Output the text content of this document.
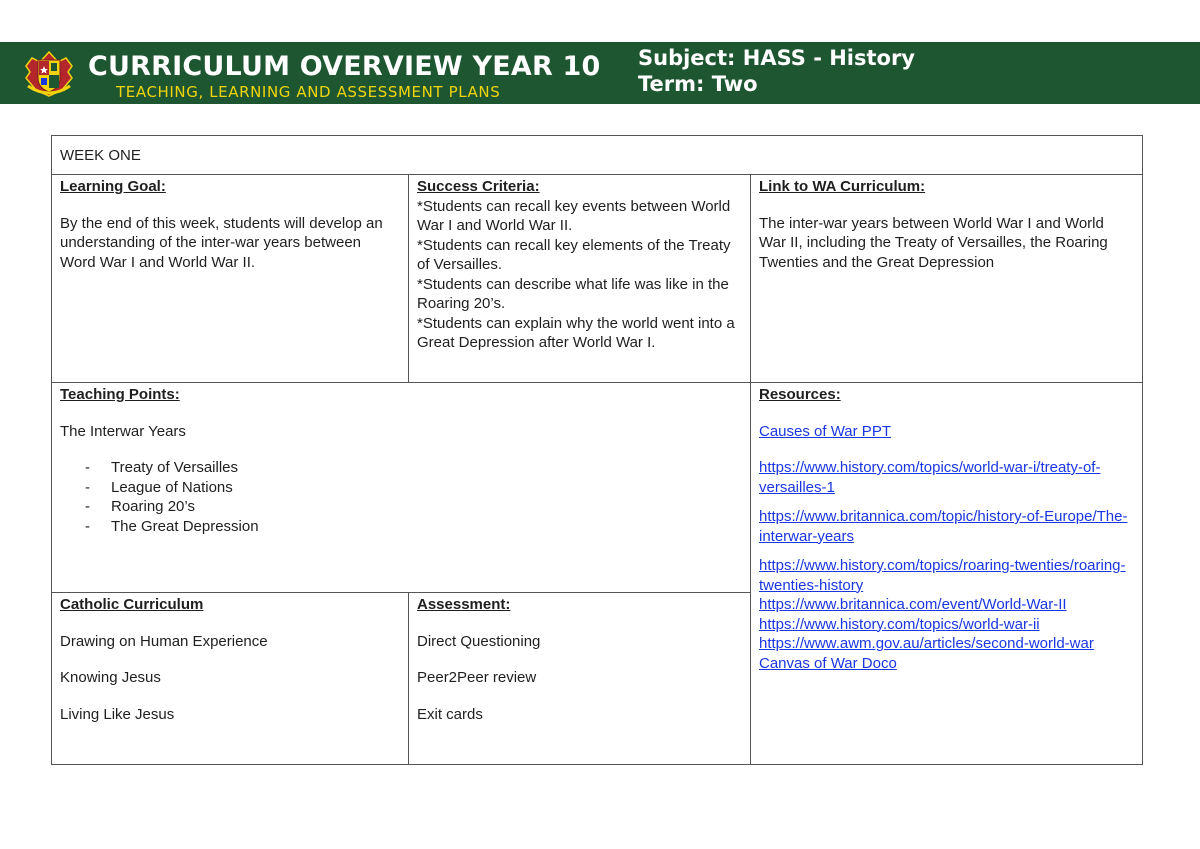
CURRICULUM OVERVIEW YEAR 10
TEACHING, LEARNING AND ASSESSMENT PLANS
Subject: HASS - History
Term: Two
WEEK ONE
Learning Goal:

By the end of this week, students will develop an understanding of the inter-war years between Word War I and World War II.

Success Criteria:

*Students can recall key events between World War I and World War II.

*Students can recall key elements of the Treaty of Versailles.

*Students can describe what life was like in the Roaring 20’s.

*Students can explain why the world went into a Great Depression after World War I.

Link to WA Curriculum:

The inter-war years between World War I and World War II, including the Treaty of Versailles, the Roaring Twenties and the Great Depression

Teaching Points:

The Interwar Years

- Treaty of Versailles
- League of Nations
- Roaring 20’s
- The Great Depression
Resources:
Causes of War PPT
https://www.history.com/topics/world-war-i/treaty-of-versailles-1
https://www.britannica.com/topic/history-of-Europe/The-interwar-years
https://www.history.com/topics/roaring-twenties/roaring-twenties-history
https://www.britannica.com/event/World-War-II
https://www.history.com/topics/world-war-ii
https://www.awm.gov.au/articles/second-world-war
Canvas of War Doco
Catholic Curriculum

Drawing on Human Experience

Knowing Jesus

Living Like Jesus

Assessment:

Direct Questioning

Peer2Peer review

Exit cards
